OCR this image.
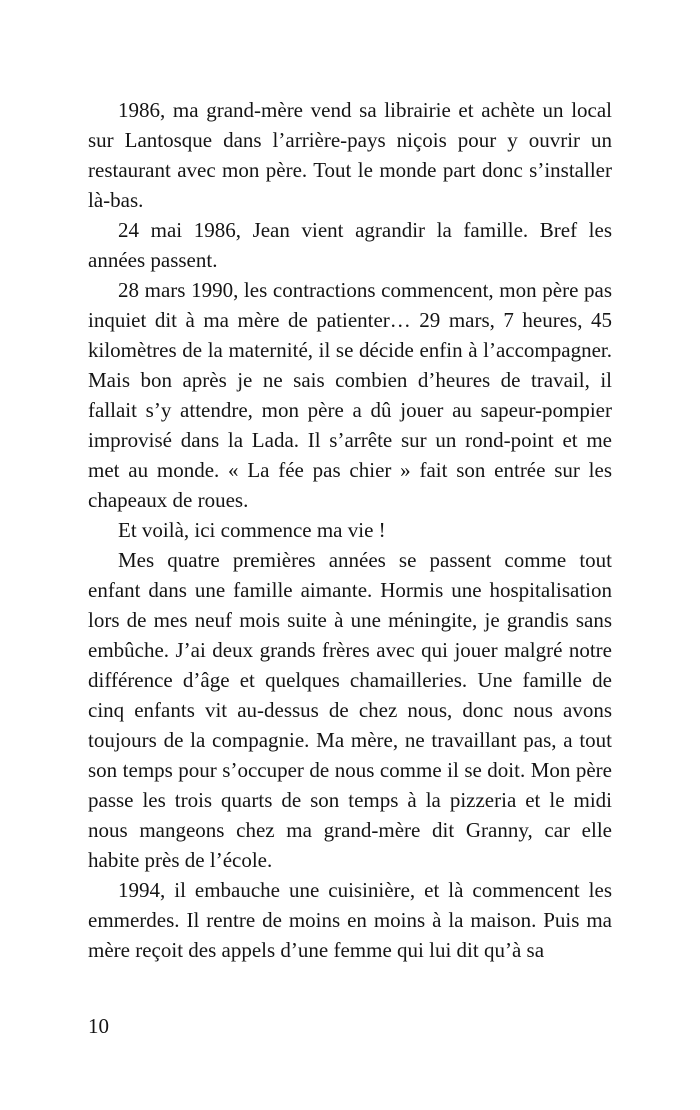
1986, ma grand-mère vend sa librairie et achète un local sur Lantosque dans l’arrière-pays niçois pour y ouvrir un restaurant avec mon père. Tout le monde part donc s’installer là-bas.

24 mai 1986, Jean vient agrandir la famille. Bref les années passent.

28 mars 1990, les contractions commencent, mon père pas inquiet dit à ma mère de patienter… 29 mars, 7 heures, 45 kilomètres de la maternité, il se décide enfin à l’accompagner. Mais bon après je ne sais combien d’heures de travail, il fallait s’y attendre, mon père a dû jouer au sapeur-pompier improvisé dans la Lada. Il s’arrête sur un rond-point et me met au monde. « La fée pas chier » fait son entrée sur les chapeaux de roues.

Et voilà, ici commence ma vie !

Mes quatre premières années se passent comme tout enfant dans une famille aimante. Hormis une hospitalisation lors de mes neuf mois suite à une méningite, je grandis sans embûche. J’ai deux grands frères avec qui jouer malgré notre différence d’âge et quelques chamailleries. Une famille de cinq enfants vit au-dessus de chez nous, donc nous avons toujours de la compagnie. Ma mère, ne travaillant pas, a tout son temps pour s’occuper de nous comme il se doit. Mon père passe les trois quarts de son temps à la pizzeria et le midi nous mangeons chez ma grand-mère dit Granny, car elle habite près de l’école.

1994, il embauche une cuisinière, et là commencent les emmerdes. Il rentre de moins en moins à la maison. Puis ma mère reçoit des appels d’une femme qui lui dit qu’à sa

10
